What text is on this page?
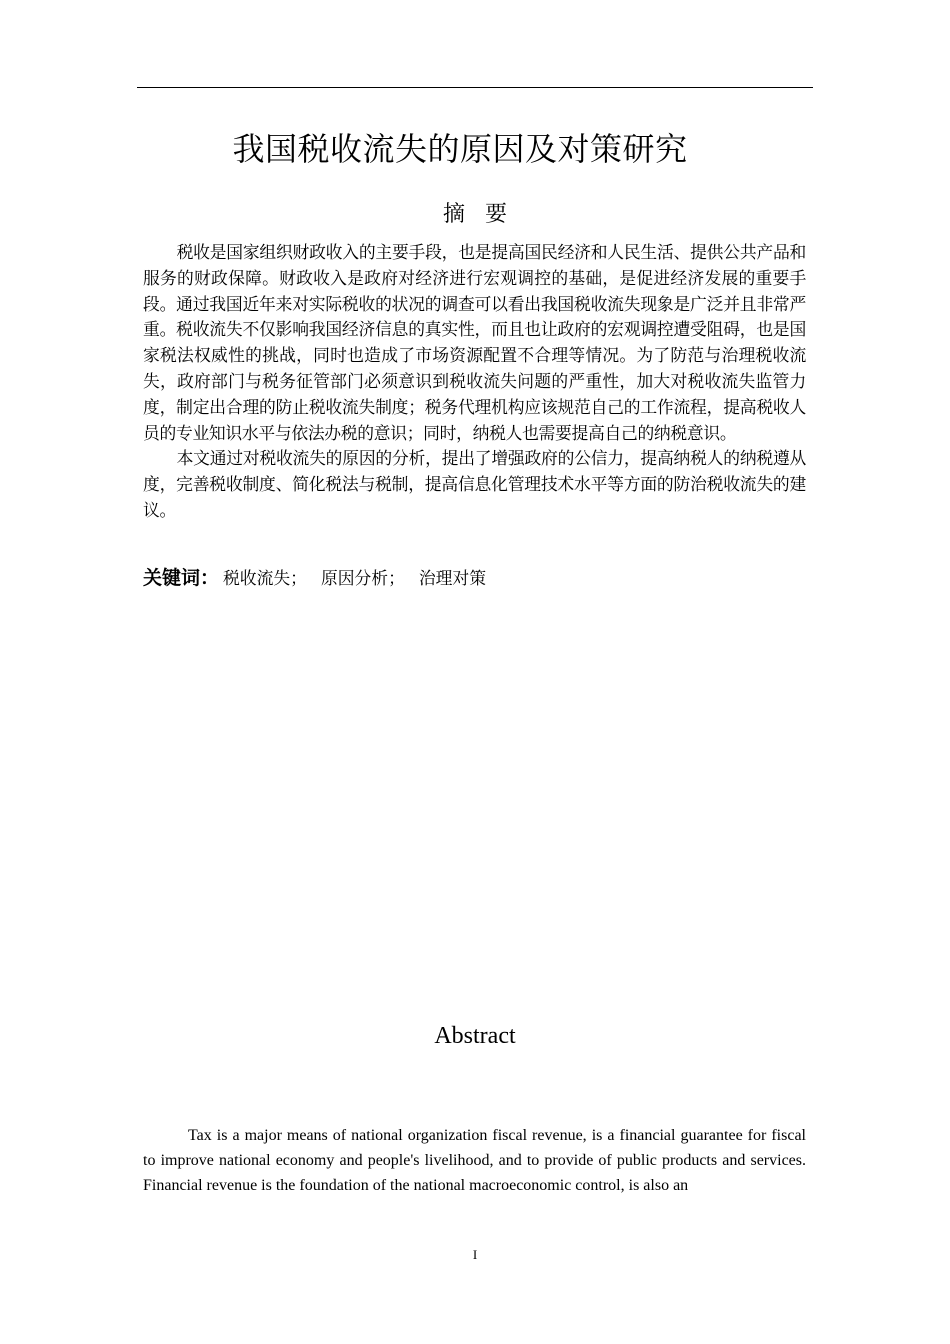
我国税收流失的原因及对策研究
摘要

税收是国家组织财政收入的主要手段，也是提高国民经济和人民生活、提供公共产品和服务的财政保障。财政收入是政府对经济进行宏观调控的基础，是促进经济发展的重要手段。通过我国近年来对实际税收的状况的调查可以看出我国税收流失现象是广泛并且非常严重。税收流失不仅影响我国经济信息的真实性，而且也让政府的宏观调控遭受阻碍，也是国家税法权威性的挑战，同时也造成了市场资源配置不合理等情况。为了防范与治理税收流失，政府部门与税务征管部门必须意识到税收流失问题的严重性，加大对税收流失监管力度，制定出合理的防止税收流失制度；税务代理机构应该规范自己的工作流程，提高税收人员的专业知识水平与依法办税的意识；同时，纳税人也需要提高自己的纳税意识。

本文通过对税收流失的原因的分析，提出了增强政府的公信力，提高纳税人的纳税遵从度，完善税收制度、简化税法与税制，提高信息化管理技术水平等方面的防治税收流失的建议。

关键词： 税收流失； 原因分析； 治理对策
Abstract

Tax is a major means of national organization fiscal revenue, is a financial guarantee for fiscal to improve national economy and people's livelihood, and to provide of public products and services. Financial revenue is the foundation of the national macroeconomic control, is also an

I
